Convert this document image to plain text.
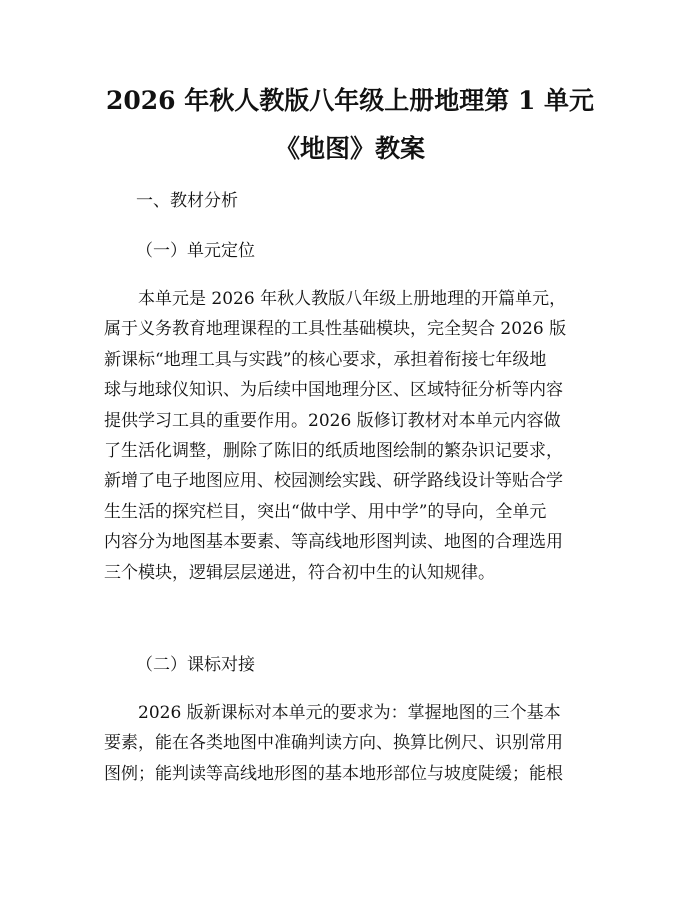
2026 年秋人教版八年级上册地理第 1 单元
《地图》教案
一、教材分析
（一）单元定位
本单元是 2026 年秋人教版八年级上册地理的开篇单元，
属于义务教育地理课程的工具性基础模块，完全契合 2026 版
新课标“地理工具与实践”的核心要求，承担着衔接七年级地
球与地球仪知识、为后续中国地理分区、区域特征分析等内容
提供学习工具的重要作用。2026 版修订教材对本单元内容做
了生活化调整，删除了陈旧的纸质地图绘制的繁杂识记要求，
新增了电子地图应用、校园测绘实践、研学路线设计等贴合学
生生活的探究栏目，突出“做中学、用中学”的导向，全单元
内容分为地图基本要素、等高线地形图判读、地图的合理选用
三个模块，逻辑层层递进，符合初中生的认知规律。
（二）课标对接
2026 版新课标对本单元的要求为：掌握地图的三个基本
要素，能在各类地图中准确判读方向、换算比例尺、识别常用
图例；能判读等高线地形图的基本地形部位与坡度陡缓；能根
